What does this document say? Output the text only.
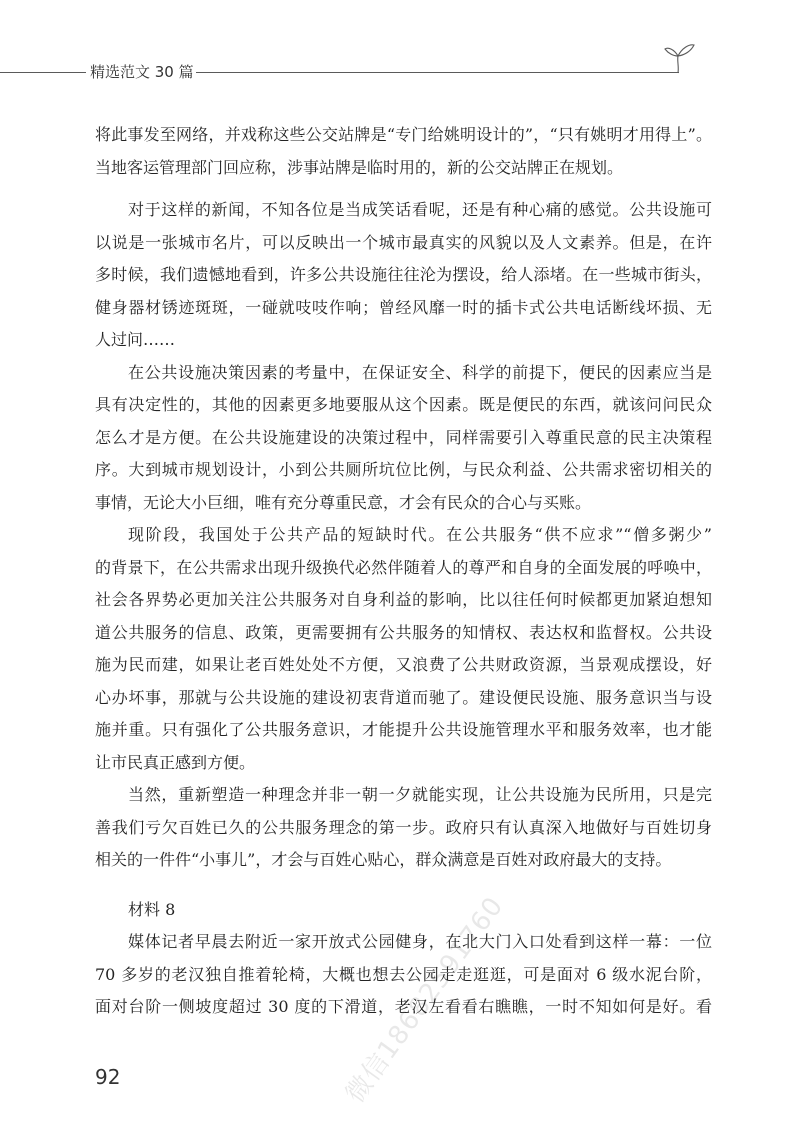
精选范文 30 篇
将此事发至网络，并戏称这些公交站牌是“专门给姚明设计的”，“只有姚明才用得上”。
当地客运管理部门回应称，涉事站牌是临时用的，新的公交站牌正在规划。
对于这样的新闻，不知各位是当成笑话看呢，还是有种心痛的感觉。公共设施可
以说是一张城市名片，可以反映出一个城市最真实的风貌以及人文素养。但是，在许
多时候，我们遗憾地看到，许多公共设施往往沦为摆设，给人添堵。在一些城市街头，
健身器材锈迹斑斑，一碰就吱吱作响；曾经风靡一时的插卡式公共电话断线坏损、无
人过问……
在公共设施决策因素的考量中，在保证安全、科学的前提下，便民的因素应当是
具有决定性的，其他的因素更多地要服从这个因素。既是便民的东西，就该问问民众
怎么才是方便。在公共设施建设的决策过程中，同样需要引入尊重民意的民主决策程
序。大到城市规划设计，小到公共厕所坑位比例，与民众利益、公共需求密切相关的
事情，无论大小巨细，唯有充分尊重民意，才会有民众的合心与买账。
现阶段，我国处于公共产品的短缺时代。在公共服务“供不应求”“僧多粥少”
的背景下，在公共需求出现升级换代必然伴随着人的尊严和自身的全面发展的呼唤中，
社会各界势必更加关注公共服务对自身利益的影响，比以往任何时候都更加紧迫想知
道公共服务的信息、政策，更需要拥有公共服务的知情权、表达权和监督权。公共设
施为民而建，如果让老百姓处处不方便，又浪费了公共财政资源，当景观成摆设，好
心办坏事，那就与公共设施的建设初衷背道而驰了。建设便民设施、服务意识当与设
施并重。只有强化了公共服务意识，才能提升公共设施管理水平和服务效率，也才能
让市民真正感到方便。
当然，重新塑造一种理念并非一朝一夕就能实现，让公共设施为民所用，只是完
善我们亏欠百姓已久的公共服务理念的第一步。政府只有认真深入地做好与百姓切身
相关的一件件“小事儿”，才会与百姓心贴心，群众满意是百姓对政府最大的支持。
材料 8
媒体记者早晨去附近一家开放式公园健身，在北大门入口处看到这样一幕：一位
70 多岁的老汉独自推着轮椅，大概也想去公园走走逛逛，可是面对 6 级水泥台阶，
面对台阶一侧坡度超过 30 度的下滑道，老汉左看看右瞧瞧，一时不知如何是好。看
92	微信18682591760
